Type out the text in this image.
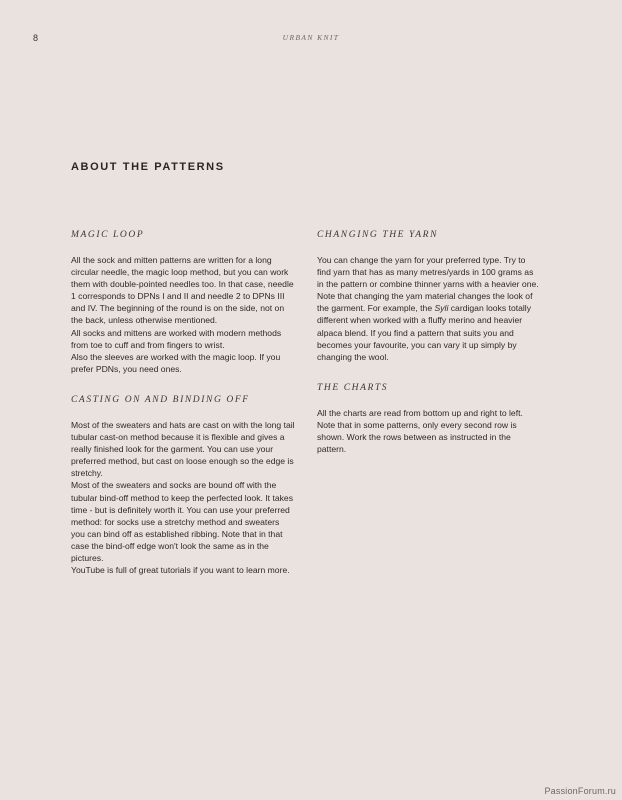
8	URBAN KNIT
ABOUT THE PATTERNS
MAGIC LOOP

All the sock and mitten patterns are written for a long circular needle, the magic loop method, but you can work them with double-pointed needles too. In that case, needle 1 corresponds to DPNs I and II and needle 2 to DPNs III and IV. The beginning of the round is on the side, not on the back, unless otherwise mentioned.

All socks and mittens are worked with modern methods from toe to cuff and from fingers to wrist.

Also the sleeves are worked with the magic loop. If you prefer PDNs, you need ones.

CASTING ON AND BINDING OFF

Most of the sweaters and hats are cast on with the long tail tubular cast-on method because it is flexible and gives a really finished look for the garment. You can use your preferred method, but cast on loose enough so the edge is stretchy.

Most of the sweaters and socks are bound off with the tubular bind-off method to keep the perfected look. It takes time - but is definitely worth it. You can use your preferred method: for socks use a stretchy method and sweaters you can bind off as established ribbing. Note that in that case the bind-off edge won't look the same as in the pictures.

YouTube is full of great tutorials if you want to learn more.

CHANGING THE YARN

You can change the yarn for your preferred type. Try to find yarn that has as many metres/yards in 100 grams as in the pattern or combine thinner yarns with a heavier one. Note that changing the yarn material changes the look of the garment. For example, the Syli cardigan looks totally different when worked with a fluffy merino and heavier alpaca blend. If you find a pattern that suits you and becomes your favourite, you can vary it up simply by changing the wool.

THE CHARTS

All the charts are read from bottom up and right to left. Note that in some patterns, only every second row is shown. Work the rows between as instructed in the pattern.

PassionForum.ru
